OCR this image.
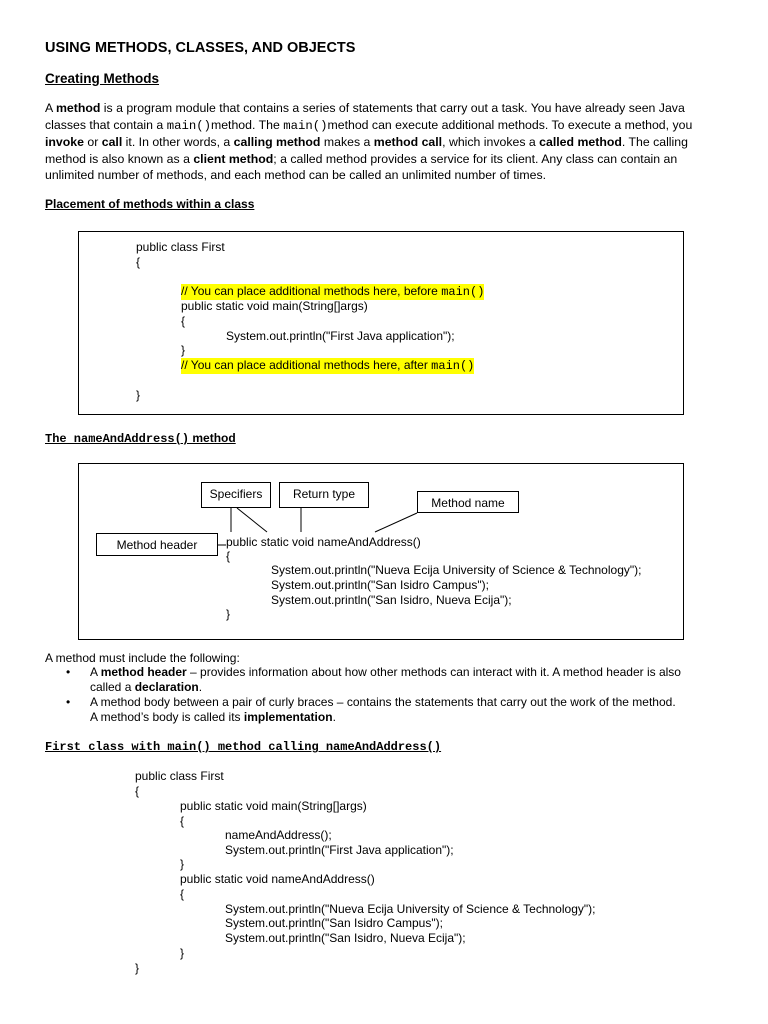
USING METHODS, CLASSES, AND OBJECTS
Creating Methods
A method is a program module that contains a series of statements that carry out a task. You have already seen Java
classes that contain a main()method. The main()method can execute additional methods. To execute a method, you
invoke or call it. In other words, a calling method makes a method call, which invokes a called method. The calling
method is also known as a client method; a called method provides a service for its client. Any class can contain an
unlimited number of methods, and each method can be called an unlimited number of times.
Placement of methods within a class
public class First
{
// You can place additional methods here, before main()
public static void main(String[]args)
{
System.out.println("First Java application");
}
// You can place additional methods here, after main()
}
The nameAndAddress() method
Specifiers	Return type
Method name
Method header	public static void nameAndAddress()
{
System.out.println("Nueva Ecija University of Science & Technology");
System.out.println("San Isidro Campus");
System.out.println("San Isidro, Nueva Ecija");
}
A method must include the following:
• A method header – provides information about how other methods can interact with it. A method header is also
called a declaration.
• A method body between a pair of curly braces – contains the statements that carry out the work of the method.
A method’s body is called its implementation.
First class with main() method calling nameAndAddress()
public class First
{
public static void main(String[]args)
{
nameAndAddress();
System.out.println("First Java application");
}
public static void nameAndAddress()
{
System.out.println("Nueva Ecija University of Science & Technology");
System.out.println("San Isidro Campus");
System.out.println("San Isidro, Nueva Ecija");
}
}
